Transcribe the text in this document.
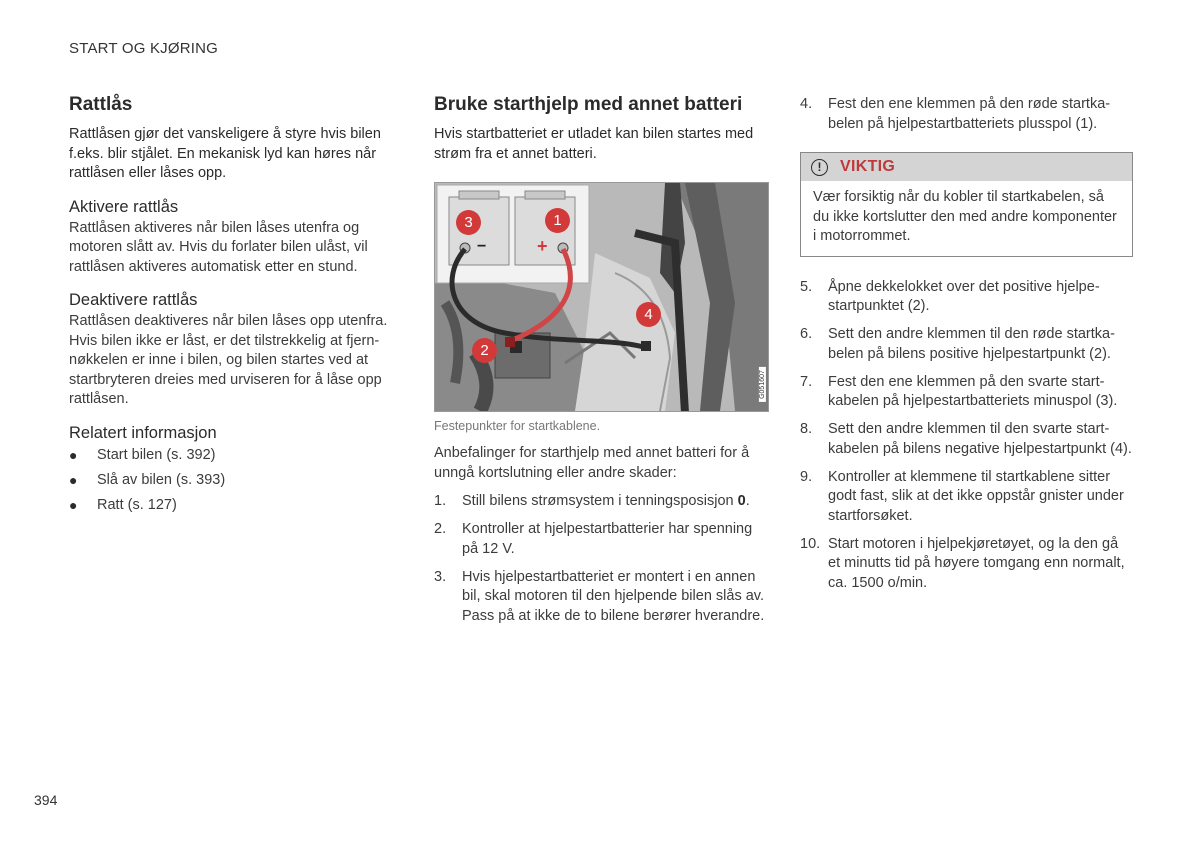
START OG KJØRING
Rattlås

Rattlåsen gjør det vanskeligere å styre hvis bilen f.eks. blir stjålet. En mekanisk lyd kan høres når rattlåsen eller låses opp.

Aktivere rattlås

Rattlåsen aktiveres når bilen låses utenfra og motoren slått av. Hvis du forlater bilen ulåst, vil rattlåsen aktiveres automatisk etter en stund.

Deaktivere rattlås

Rattlåsen deaktiveres når bilen låses opp utenfra. Hvis bilen ikke er låst, er det tilstrekkelig at fjernnøkkelen er inne i bilen, og bilen startes ved at startbryteren dreies med urviseren for å låse opp rattlåsen.

Relatert informasjon
● Start bilen (s. 392)
● Slå av bilen (s. 393)
● Ratt (s. 127)
Bruke starthjelp med annet batteri

Hvis startbatteriet er utladet kan bilen startes med strøm fra et annet batteri.

−	+
3	1
4
2
G051607
Festepunkter for startkablene.

Anbefalinger for starthjelp med annet batteri for å unngå kortslutning eller andre skader:

1. Still bilens strømsystem i tenningsposisjon 0.
2. Kontroller at hjelpestartbatterier har spenning på 12 V.
3. Hvis hjelpestartbatteriet er montert i en annen bil, skal motoren til den hjelpende bilen slås av. Pass på at ikke de to bilene berører hverandre.
4. Fest den ene klemmen på den røde startkabelen på hjelpestartbatteriets plusspol (1).
!	VIKTIG
Vær forsiktig når du kobler til startkabelen, så du ikke kortslutter den med andre komponenter i motorrommet.
5. Åpne dekkelokket over det positive hjelpestartpunktet (2).
6. Sett den andre klemmen til den røde startkabelen på bilens positive hjelpestartpunkt (2).
7. Fest den ene klemmen på den svarte startkabelen på hjelpestartbatteriets minuspol (3).
8. Sett den andre klemmen til den svarte startkabelen på bilens negative hjelpestartpunkt (4).
9. Kontroller at klemmene til startkablene sitter godt fast, slik at det ikke oppstår gnister under startforsøket.
10. Start motoren i hjelpekjøretøyet, og la den gå et minutts tid på høyere tomgang enn normalt, ca. 1500 o/min.
394
